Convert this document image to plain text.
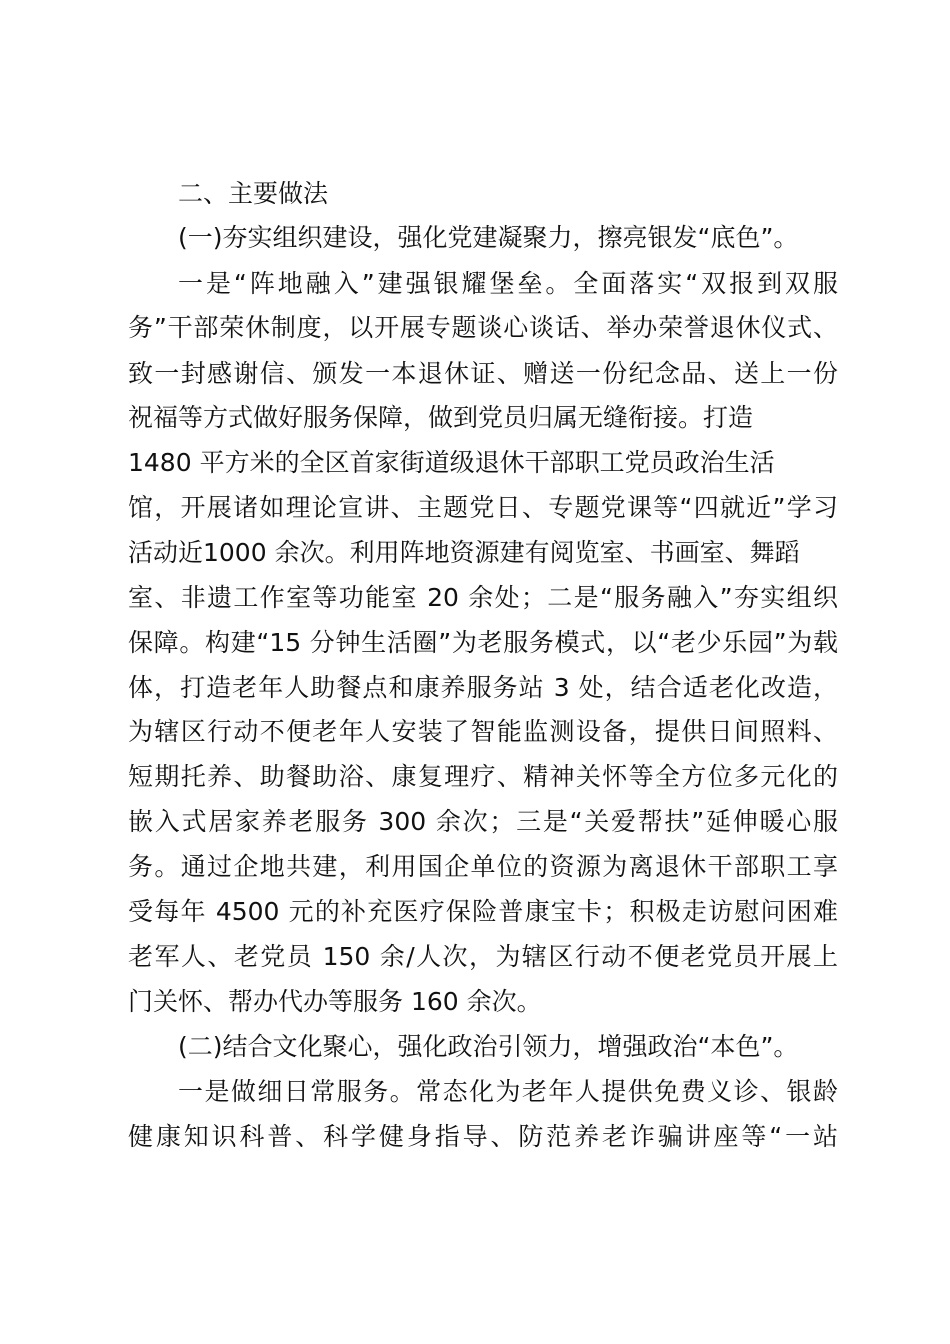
二、主要做法
(一)夯实组织建设，强化党建凝聚力，擦亮银发“底色”。
一是“阵地融入”建强银耀堡垒。全面落实“双报到双服
务”干部荣休制度，以开展专题谈心谈话、举办荣誉退休仪式、
致一封感谢信、颁发一本退休证、赠送一份纪念品、送上一份
祝福等方式做好服务保障，做到党员归属无缝衔接。打造
1480 平方米的全区首家街道级退休干部职工党员政治生活
馆，开展诸如理论宣讲、主题党日、专题党课等“四就近”学习
活动近1000 余次。利用阵地资源建有阅览室、书画室、舞蹈
室、非遗工作室等功能室 20 余处；二是“服务融入”夯实组织
保障。构建“15 分钟生活圈”为老服务模式，以“老少乐园”为载
体，打造老年人助餐点和康养服务站 3 处，结合适老化改造，
为辖区行动不便老年人安装了智能监测设备，提供日间照料、
短期托养、助餐助浴、康复理疗、精神关怀等全方位多元化的
嵌入式居家养老服务 300 余次；三是“关爱帮扶”延伸暖心服
务。通过企地共建，利用国企单位的资源为离退休干部职工享
受每年 4500 元的补充医疗保险普康宝卡；积极走访慰问困难
老军人、老党员 150 余/人次，为辖区行动不便老党员开展上
门关怀、帮办代办等服务 160 余次。
(二)结合文化聚心，强化政治引领力，增强政治“本色”。
一是做细日常服务。常态化为老年人提供免费义诊、银龄
健康知识科普、科学健身指导、防范养老诈骗讲座等“一站
